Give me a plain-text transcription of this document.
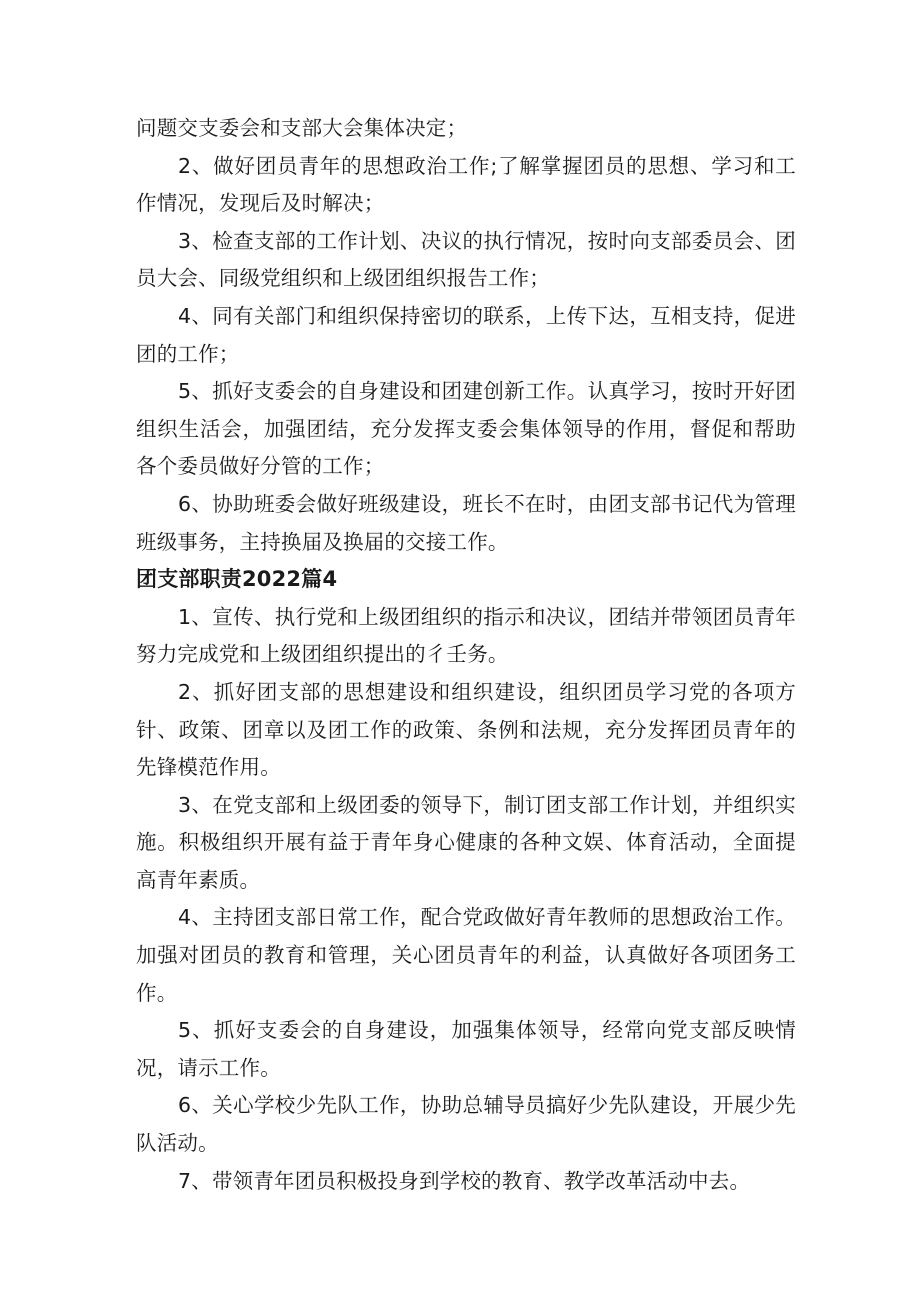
问题交支委会和支部大会集体决定；

2、做好团员青年的思想政治工作;了解掌握团员的思想、学习和工作情况，发现后及时解决；

3、检查支部的工作计划、决议的执行情况，按时向支部委员会、团员大会、同级党组织和上级团组织报告工作；

4、同有关部门和组织保持密切的联系，上传下达，互相支持，促进团的工作；

5、抓好支委会的自身建设和团建创新工作。认真学习，按时开好团组织生活会，加强团结，充分发挥支委会集体领导的作用，督促和帮助各个委员做好分管的工作；

6、协助班委会做好班级建设，班长不在时，由团支部书记代为管理班级事务，主持换届及换届的交接工作。

团支部职责2022篇4

1、宣传、执行党和上级团组织的指示和决议，团结并带领团员青年努力完成党和上级团组织提出的彳壬务。

2、抓好团支部的思想建设和组织建设，组织团员学习党的各项方针、政策、团章以及团工作的政策、条例和法规，充分发挥团员青年的先锋模范作用。

3、在党支部和上级团委的领导下，制订团支部工作计划，并组织实施。积极组织开展有益于青年身心健康的各种文娱、体育活动，全面提高青年素质。

4、主持团支部日常工作，配合党政做好青年教师的思想政治工作。加强对团员的教育和管理，关心团员青年的利益，认真做好各项团务工作。

5、抓好支委会的自身建设，加强集体领导，经常向党支部反映情况，请示工作。

6、关心学校少先队工作，协助总辅导员搞好少先队建设，开展少先队活动。

7、带领青年团员积极投身到学校的教育、教学改革活动中去。
